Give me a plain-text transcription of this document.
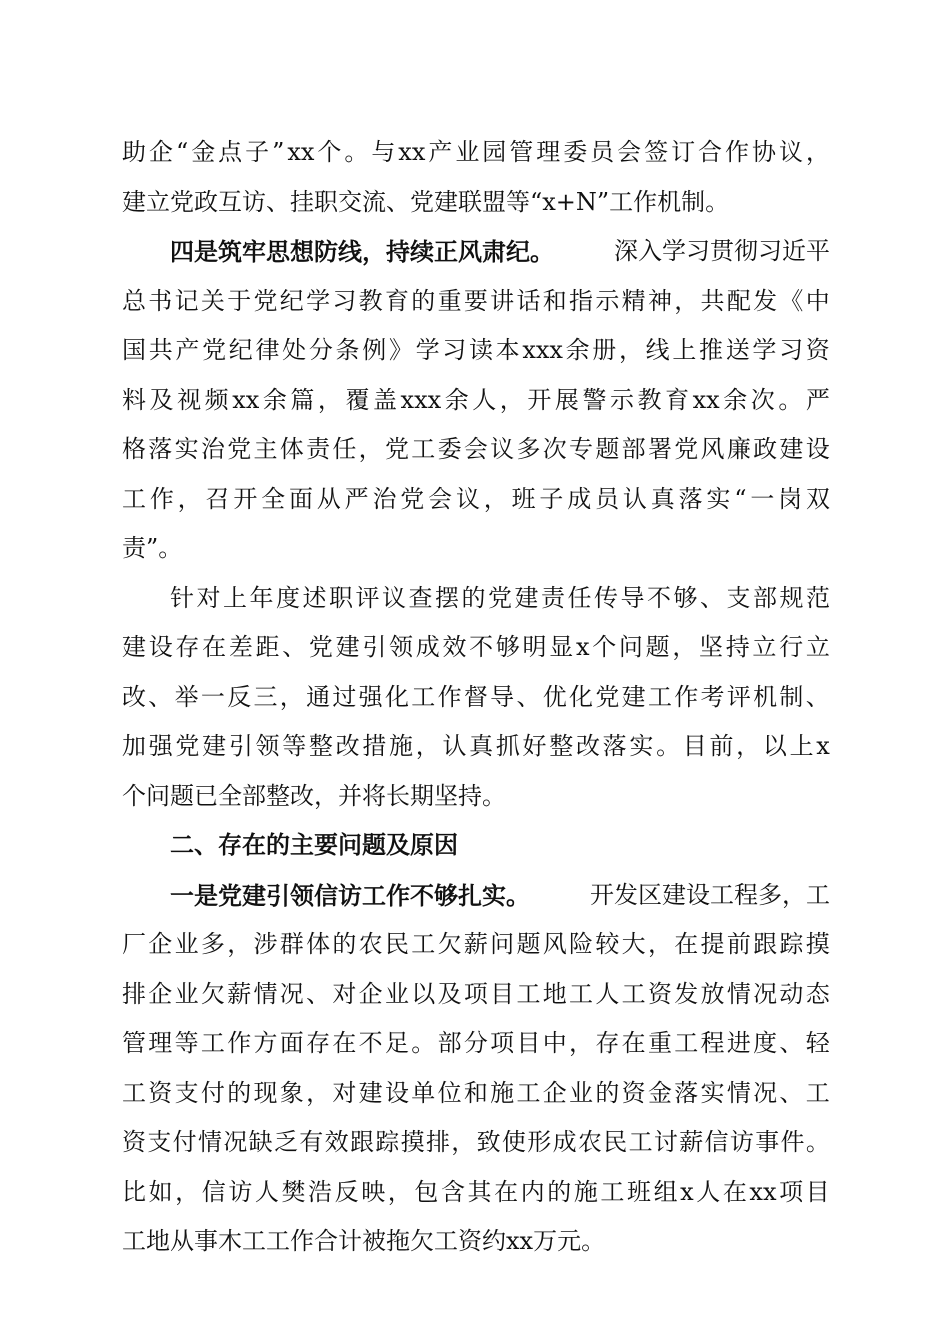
助 企 “ 金 点 子 ” xx 个 。 与 xx 产 业 园 管 理 委 员 会 签 订 合 作 协 议 ，
建立党政互访、挂职交流、党建联盟等“x+N”工作机制。
四是筑牢思想防线，持续正风肃纪。	深入学习贯彻习近平
总 书 记 关 于 党 纪 学 习 教 育 的 重 要 讲 话 和 指 示 精 神 ， 共 配 发 《 中
国 共 产 党 纪 律 处 分 条 例 》 学 习 读 本 xxx 余 册 ， 线 上 推 送 学 习 资
料 及 视 频 xx 余 篇 ， 覆 盖 xxx 余 人 ， 开 展 警 示 教 育 xx 余 次 。 严
格 落 实 治 党 主 体 责 任 ， 党 工 委 会 议 多 次 专 题 部 署 党 风 廉 政 建 设
工 作 ， 召 开 全 面 从 严 治 党 会 议 ， 班 子 成 员 认 真 落 实 “ 一 岗 双
责”。
针 对 上 年 度 述 职 评 议 查 摆 的 党 建 责 任 传 导 不 够 、 支 部 规 范
建 设 存 在 差 距 、 党 建 引 领 成 效 不 够 明 显 x 个 问 题 ， 坚 持 立 行 立
改 、 举 一 反 三 ， 通 过 强 化 工 作 督 导 、 优 化 党 建 工 作 考 评 机 制 、
加 强 党 建 引 领 等 整 改 措 施 ， 认 真 抓 好 整 改 落 实 。 目 前 ， 以 上 x
个问题已全部整改，并将长期坚持。
二、存在的主要问题及原因
一是党建引领信访工作不够扎实。	开发区建设工程多，工
厂 企 业 多 ， 涉 群 体 的 农 民 工 欠 薪 问 题 风 险 较 大 ， 在 提 前 跟 踪 摸
排 企 业 欠 薪 情 况 、 对 企 业 以 及 项 目 工 地 工 人 工 资 发 放 情 况 动 态
管 理 等 工 作 方 面 存 在 不 足 。 部 分 项 目 中 ， 存 在 重 工 程 进 度 、 轻
工 资 支 付 的 现 象 ， 对 建 设 单 位 和 施 工 企 业 的 资 金 落 实 情 况 、 工
资 支 付 情 况 缺 乏 有 效 跟 踪 摸 排 ， 致 使 形 成 农 民 工 讨 薪 信 访 事 件 。
比 如 ， 信 访 人 樊 浩 反 映 ， 包 含 其 在 内 的 施 工 班 组 x 人 在 xx 项 目
工地从事木工工作合计被拖欠工资约xx万元。
